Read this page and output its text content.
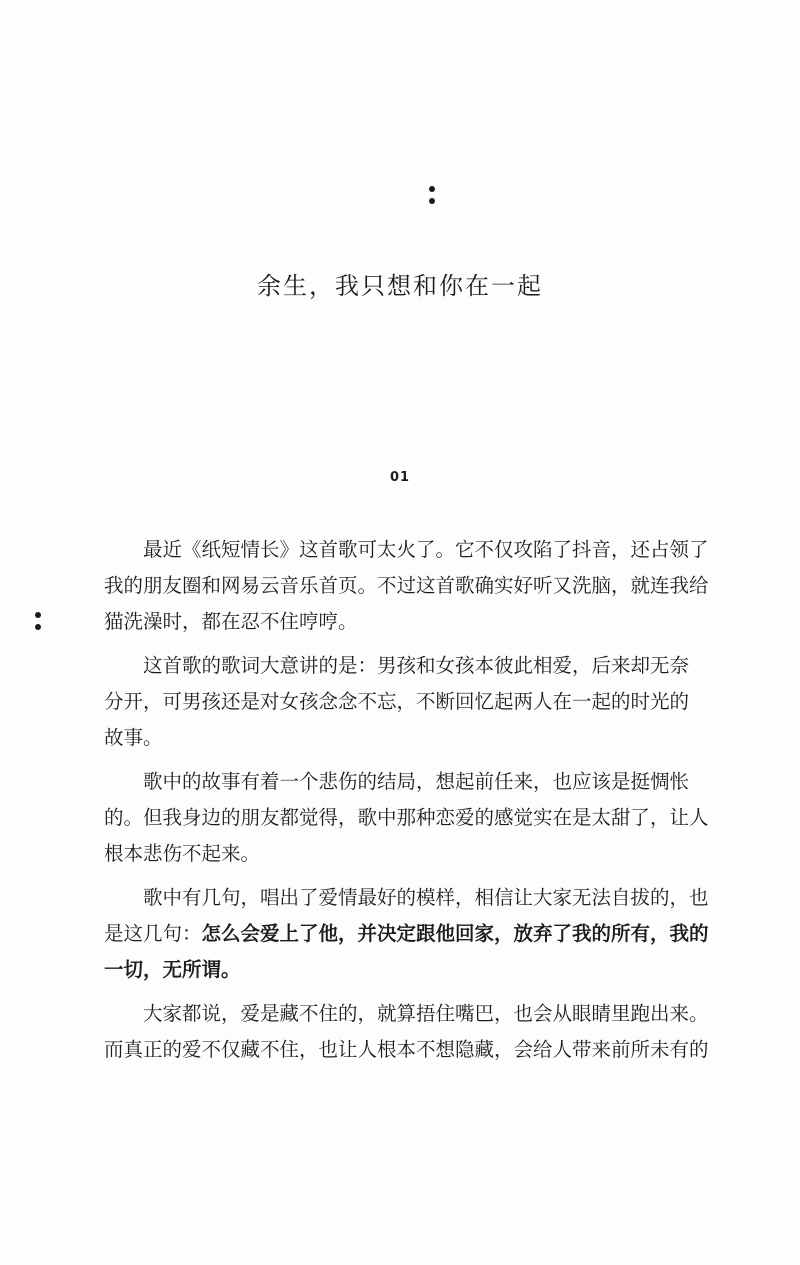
余生，我只想和你在一起
01
　　最近《纸短情长》这首歌可太火了。它不仅攻陷了抖音，还占领了
我的朋友圈和网易云音乐首页。不过这首歌确实好听又洗脑，就连我给
猫洗澡时，都在忍不住哼哼。
　　这首歌的歌词大意讲的是：男孩和女孩本彼此相爱，后来却无奈
分开，可男孩还是对女孩念念不忘，不断回忆起两人在一起的时光的
故事。
　　歌中的故事有着一个悲伤的结局，想起前任来，也应该是挺惆怅
的。但我身边的朋友都觉得，歌中那种恋爱的感觉实在是太甜了，让人
根本悲伤不起来。
　　歌中有几句，唱出了爱情最好的模样，相信让大家无法自拔的，也
是这几句：怎么会爱上了他，并决定跟他回家，放弃了我的所有，我的
一切，无所谓。
　　大家都说，爱是藏不住的，就算捂住嘴巴，也会从眼睛里跑出来。
而真正的爱不仅藏不住，也让人根本不想隐藏，会给人带来前所未有的
